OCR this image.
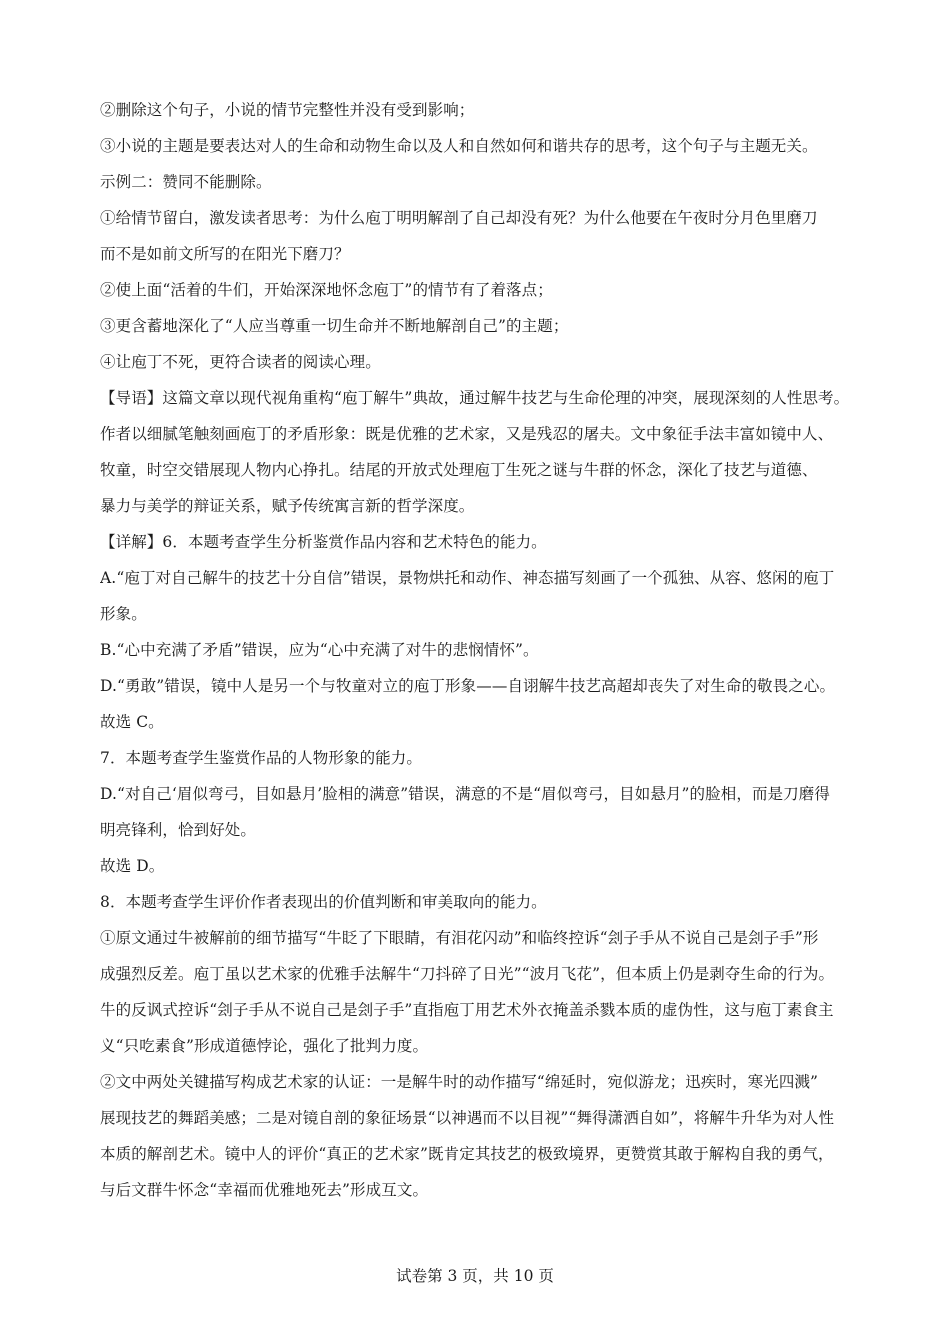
②删除这个句子，小说的情节完整性并没有受到影响；
③小说的主题是要表达对人的生命和动物生命以及人和自然如何和谐共存的思考，这个句子与主题无关。
示例二：赞同不能删除。
①给情节留白，激发读者思考：为什么庖丁明明解剖了自己却没有死？为什么他要在午夜时分月色里磨刀
而不是如前文所写的在阳光下磨刀？
②使上面“活着的牛们，开始深深地怀念庖丁”的情节有了着落点；
③更含蓄地深化了“人应当尊重一切生命并不断地解剖自己”的主题；
④让庖丁不死，更符合读者的阅读心理。
【导语】这篇文章以现代视角重构“庖丁解牛”典故，通过解牛技艺与生命伦理的冲突，展现深刻的人性思考。
作者以细腻笔触刻画庖丁的矛盾形象：既是优雅的艺术家，又是残忍的屠夫。文中象征手法丰富如镜中人、
牧童，时空交错展现人物内心挣扎。结尾的开放式处理庖丁生死之谜与牛群的怀念，深化了技艺与道德、
暴力与美学的辩证关系，赋予传统寓言新的哲学深度。
【详解】6．本题考查学生分析鉴赏作品内容和艺术特色的能力。
A.“庖丁对自己解牛的技艺十分自信”错误，景物烘托和动作、神态描写刻画了一个孤独、从容、悠闲的庖丁
形象。
B.“心中充满了矛盾”错误，应为“心中充满了对牛的悲悯情怀”。
D.“勇敢”错误，镜中人是另一个与牧童对立的庖丁形象——自诩解牛技艺高超却丧失了对生命的敬畏之心。
故选 C。
7．本题考查学生鉴赏作品的人物形象的能力。
D.“对自己‘眉似弯弓，目如悬月’脸相的满意”错误，满意的不是“眉似弯弓，目如悬月”的脸相，而是刀磨得
明亮锋利，恰到好处。
故选 D。
8．本题考查学生评价作者表现出的价值判断和审美取向的能力。
①原文通过牛被解前的细节描写“牛眨了下眼睛，有泪花闪动”和临终控诉“刽子手从不说自己是刽子手”形
成强烈反差。庖丁虽以艺术家的优雅手法解牛“刀抖碎了日光”“波月飞花”，但本质上仍是剥夺生命的行为。
牛的反讽式控诉“刽子手从不说自己是刽子手”直指庖丁用艺术外衣掩盖杀戮本质的虚伪性，这与庖丁素食主
义“只吃素食”形成道德悖论，强化了批判力度。
②文中两处关键描写构成艺术家的认证：一是解牛时的动作描写“绵延时，宛似游龙；迅疾时，寒光四溅”
展现技艺的舞蹈美感；二是对镜自剖的象征场景“以神遇而不以目视”“舞得潇洒自如”，将解牛升华为对人性
本质的解剖艺术。镜中人的评价“真正的艺术家”既肯定其技艺的极致境界，更赞赏其敢于解构自我的勇气，
与后文群牛怀念“幸福而优雅地死去”形成互文。
试卷第 3 页，共 10 页
